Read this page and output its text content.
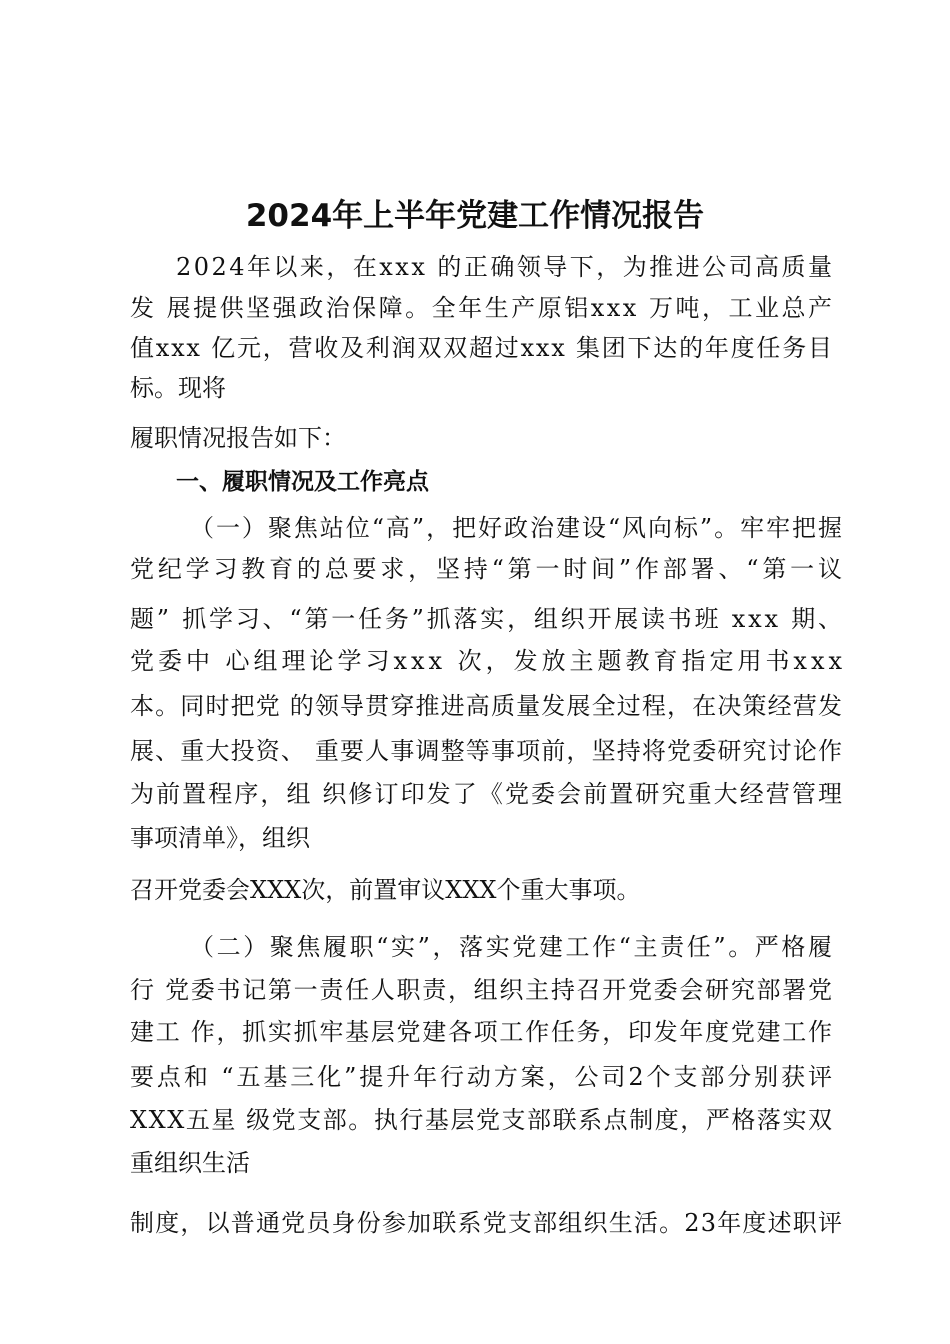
2024年上半年党建工作情况报告
2024年以来，在xxx 的正确领导下，为推进公司高质量
发 展提供坚强政治保障。全年生产原铝xxx 万吨，工业总产
值xxx 亿元，营收及利润双双超过xxx 集团下达的年度任务目
标。现将
履职情况报告如下：
一、履职情况及工作亮点
（一）聚焦站位“高”，把好政治建设“风向标”。牢牢把握
党纪学习教育的总要求，坚持“第一时间”作部署、“第一议
题” 抓学习、“第一任务”抓落实，组织开展读书班 xxx 期、
党委中 心组理论学习xxx 次，发放主题教育指定用书xxx
本。同时把党 的领导贯穿推进高质量发展全过程，在决策经营发
展、重大投资、 重要人事调整等事项前，坚持将党委研究讨论作
为前置程序，组 织修订印发了《党委会前置研究重大经营管理
事项清单》，组织
召开党委会XXX次，前置审议XXX个重大事项。
（二）聚焦履职“实”，落实党建工作“主责任”。严格履
行 党委书记第一责任人职责，组织主持召开党委会研究部署党
建工 作，抓实抓牢基层党建各项工作任务，印发年度党建工作
要点和 “五基三化”提升年行动方案，公司2个支部分别获评
XXX五星 级党支部。执行基层党支部联系点制度，严格落实双
重组织生活
制度，以普通党员身份参加联系党支部组织生活。23年度述职评
